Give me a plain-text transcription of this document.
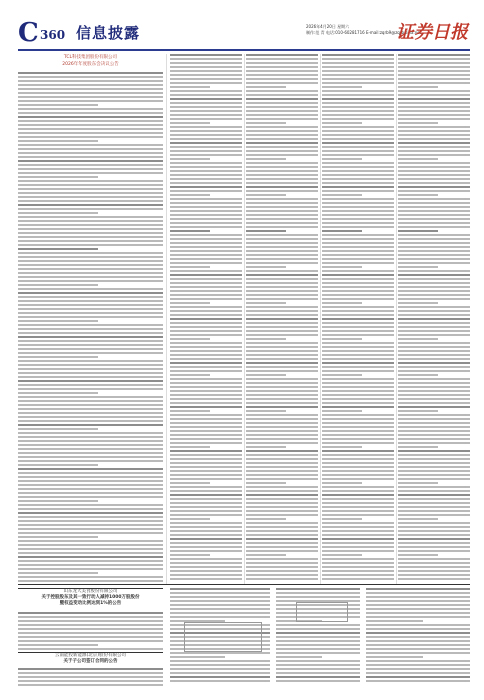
C 360 信息披露	2026年4月20日 星期六
制作:范 青 电话:010-60281716 E-mail:zqrb9@zqrb.sina.net
证券日报
TCL科技集团股份有限公司
2026年年度股东会决议公告
山东龙大美食股份有限公司
关于控股股东及其一致行动人减持1000万股股份
暨权益变动比例达到1%的公告
云南能投新能源(北京)股份有限公司
关于子公司签订合同的公告
